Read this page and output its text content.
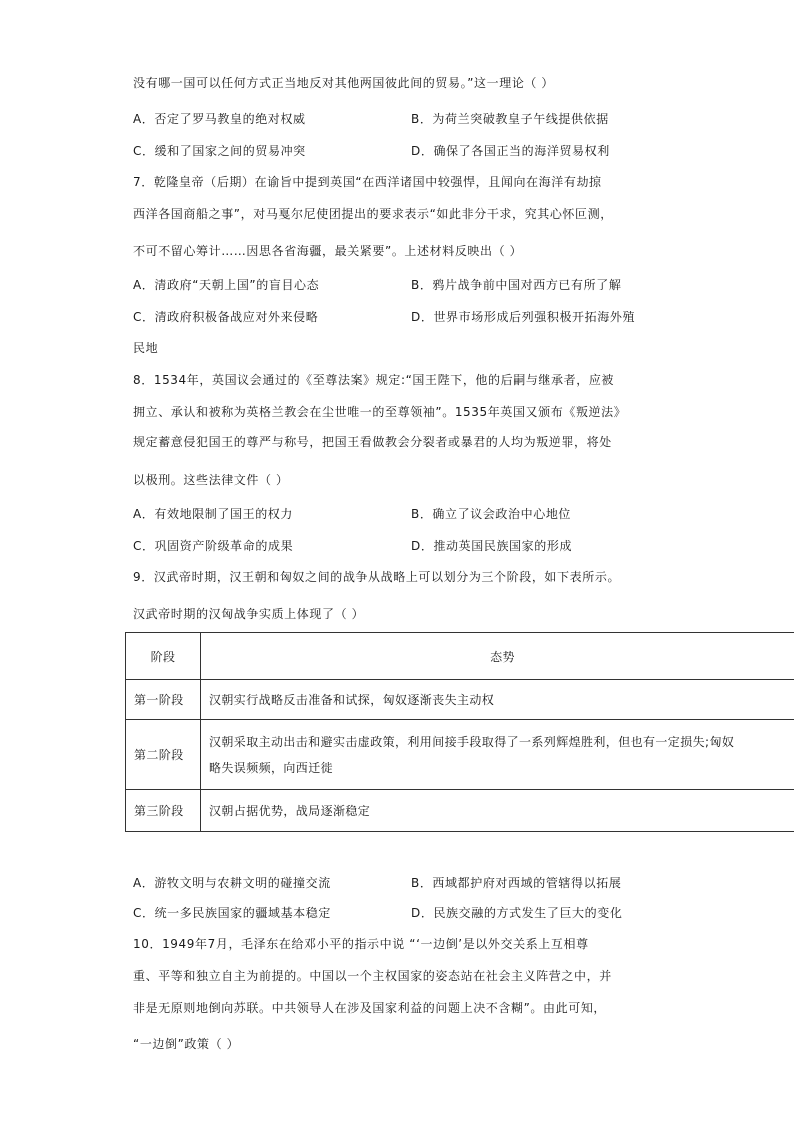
没有哪一国可以任何方式正当地反对其他两国彼此间的贸易。”这一理论（ ）
A．否定了罗马教皇的绝对权威	B．为荷兰突破教皇子午线提供依据
C．缓和了国家之间的贸易冲突	D．确保了各国正当的海洋贸易权利
7．乾隆皇帝（后期）在谕旨中提到英国“在西洋诸国中较强悍，且闻向在海洋有劫掠
西洋各国商船之事”，对马戛尔尼使团提出的要求表示“如此非分干求，究其心怀叵测，
不可不留心筹计……因思各省海疆，最关紧要”。上述材料反映出（ ）
A．清政府“天朝上国”的盲目心态	B．鸦片战争前中国对西方已有所了解
C．清政府积极备战应对外来侵略	D．世界市场形成后列强积极开拓海外殖
民地
8．1534年，英国议会通过的《至尊法案》规定:“国王陛下，他的后嗣与继承者，应被
拥立、承认和被称为英格兰教会在尘世唯一的至尊领袖”。1535年英国又颁布《叛逆法》
规定蓄意侵犯国王的尊严与称号，把国王看做教会分裂者或暴君的人均为叛逆罪，将处
以极刑。这些法律文件（ ）
A．有效地限制了国王的权力	B．确立了议会政治中心地位
C．巩固资产阶级革命的成果	D．推动英国民族国家的形成
9．汉武帝时期，汉王朝和匈奴之间的战争从战略上可以划分为三个阶段，如下表所示。
汉武帝时期的汉匈战争实质上体现了（ ）
阶段	态势
第一阶段	汉朝实行战略反击准备和试探，匈奴逐渐丧失主动权

第二阶段	汉朝采取主动出击和避实击虚政策，利用间接手段取得了一系列辉煌胜利，但也有一定损失;匈奴
略失误频频，向西迁徙

第三阶段	汉朝占据优势，战局逐渐稳定
A．游牧文明与农耕文明的碰撞交流	B．西域都护府对西域的管辖得以拓展
C．统一多民族国家的疆域基本稳定	D．民族交融的方式发生了巨大的变化
10．1949年7月，毛泽东在给邓小平的指示中说 “‘一边倒’是以外交关系上互相尊
重、平等和独立自主为前提的。中国以一个主权国家的姿态站在社会主义阵营之中，并
非是无原则地倒向苏联。中共领导人在涉及国家利益的问题上决不含糊”。由此可知，
“一边倒”政策（ ）
